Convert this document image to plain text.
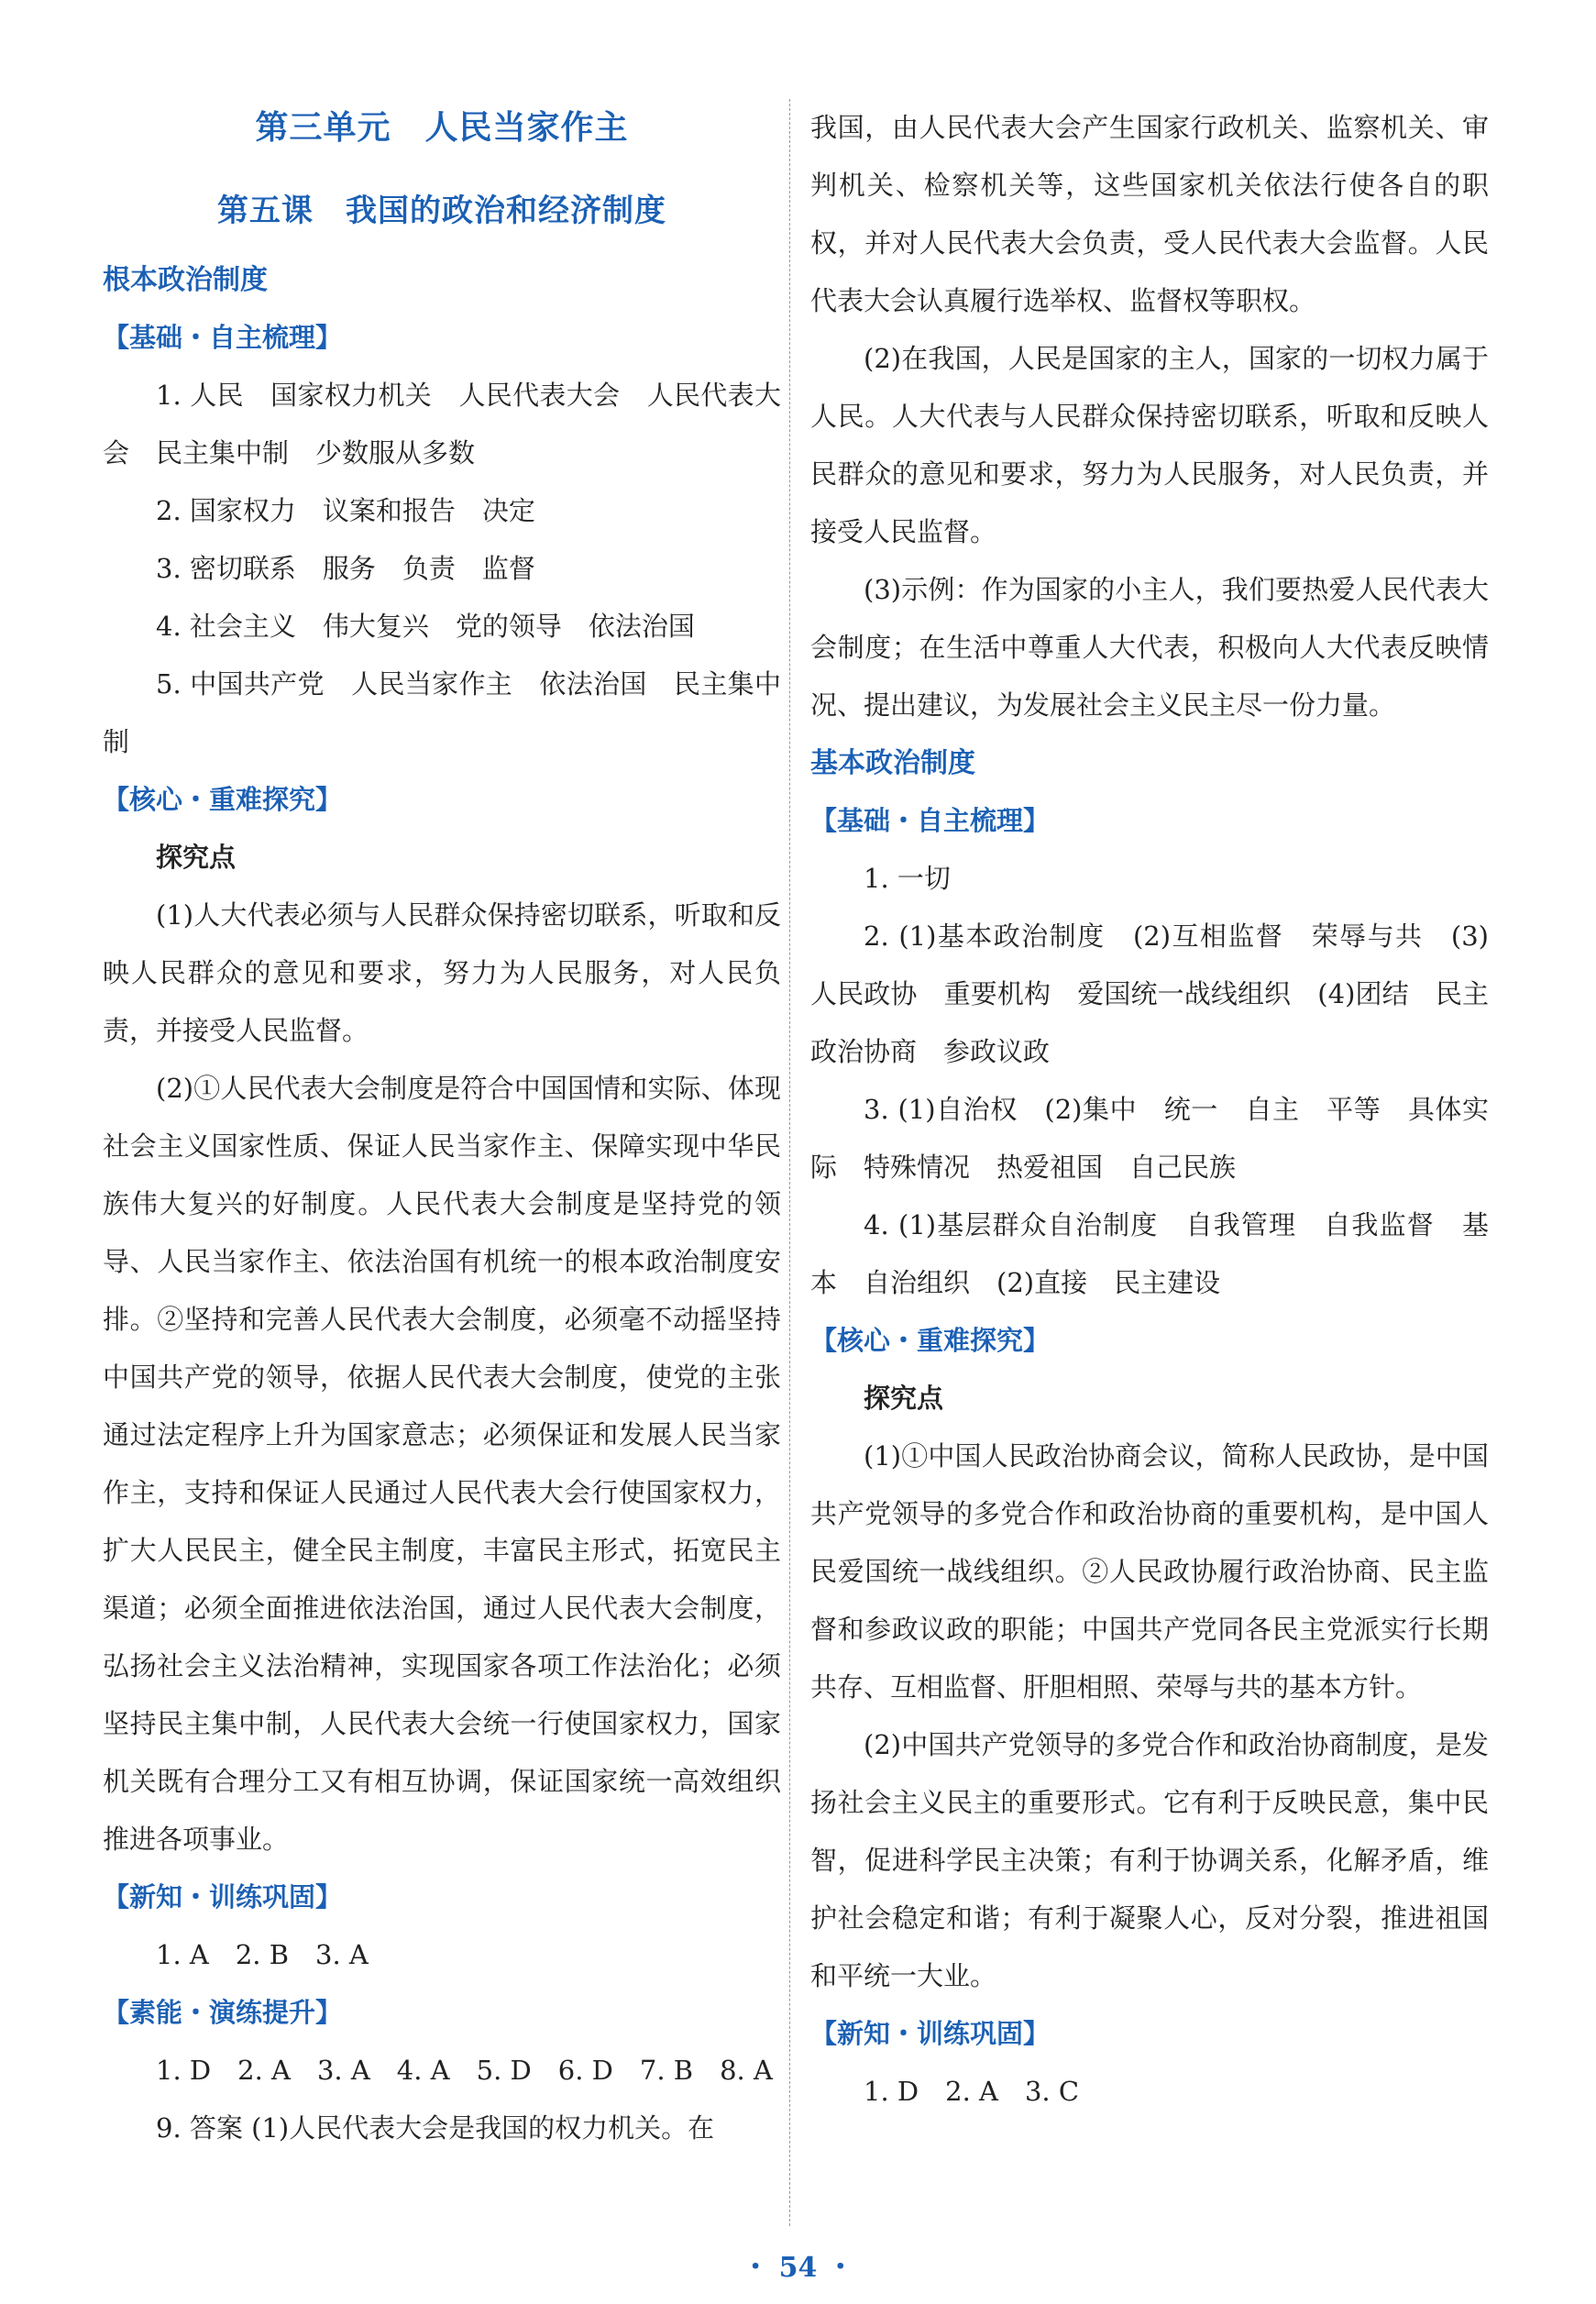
第三单元　人民当家作主
第五课　我国的政治和经济制度
根本政治制度
【基础・自主梳理】

1. 人民　国家权力机关　人民代表大会　人民代表大会　民主集中制　少数服从多数

2. 国家权力　议案和报告　决定

3. 密切联系　服务　负责　监督

4. 社会主义　伟大复兴　党的领导　依法治国

5. 中国共产党　人民当家作主　依法治国　民主集中制

【核心・重难探究】
探究点

(1)人大代表必须与人民群众保持密切联系，听取和反映人民群众的意见和要求，努力为人民服务，对人民负责，并接受人民监督。

(2)①人民代表大会制度是符合中国国情和实际、体现社会主义国家性质、保证人民当家作主、保障实现中华民族伟大复兴的好制度。人民代表大会制度是坚持党的领导、人民当家作主、依法治国有机统一的根本政治制度安排。②坚持和完善人民代表大会制度，必须毫不动摇坚持中国共产党的领导，依据人民代表大会制度，使党的主张通过法定程序上升为国家意志；必须保证和发展人民当家作主，支持和保证人民通过人民代表大会行使国家权力，扩大人民民主，健全民主制度，丰富民主形式，拓宽民主渠道；必须全面推进依法治国，通过人民代表大会制度，弘扬社会主义法治精神，实现国家各项工作法治化；必须坚持民主集中制，人民代表大会统一行使国家权力，国家机关既有合理分工又有相互协调，保证国家统一高效组织推进各项事业。

【新知・训练巩固】

1. A　2. B　3. A

【素能・演练提升】

1. D　2. A　3. A　4. A　5. D　6. D　7. B　8. A

9. 答案 (1)人民代表大会是我国的权力机关。在

我国，由人民代表大会产生国家行政机关、监察机关、审判机关、检察机关等，这些国家机关依法行使各自的职权，并对人民代表大会负责，受人民代表大会监督。人民代表大会认真履行选举权、监督权等职权。

(2)在我国，人民是国家的主人，国家的一切权力属于人民。人大代表与人民群众保持密切联系，听取和反映人民群众的意见和要求，努力为人民服务，对人民负责，并接受人民监督。

(3)示例：作为国家的小主人，我们要热爱人民代表大会制度；在生活中尊重人大代表，积极向人大代表反映情况、提出建议，为发展社会主义民主尽一份力量。

基本政治制度
【基础・自主梳理】

1. 一切

2. (1)基本政治制度　(2)互相监督　荣辱与共　(3)人民政协　重要机构　爱国统一战线组织　(4)团结　民主　政治协商　参政议政

3. (1)自治权　(2)集中　统一　自主　平等　具体实际　特殊情况　热爱祖国　自己民族

4. (1)基层群众自治制度　自我管理　自我监督　基本　自治组织　(2)直接　民主建设

【核心・重难探究】
探究点

(1)①中国人民政治协商会议，简称人民政协，是中国共产党领导的多党合作和政治协商的重要机构，是中国人民爱国统一战线组织。②人民政协履行政治协商、民主监督和参政议政的职能；中国共产党同各民主党派实行长期共存、互相监督、肝胆相照、荣辱与共的基本方针。

(2)中国共产党领导的多党合作和政治协商制度，是发扬社会主义民主的重要形式。它有利于反映民意，集中民智，促进科学民主决策；有利于协调关系，化解矛盾，维护社会稳定和谐；有利于凝聚人心，反对分裂，推进祖国和平统一大业。

【新知・训练巩固】

1. D　2. A　3. C

・ 54 ・
